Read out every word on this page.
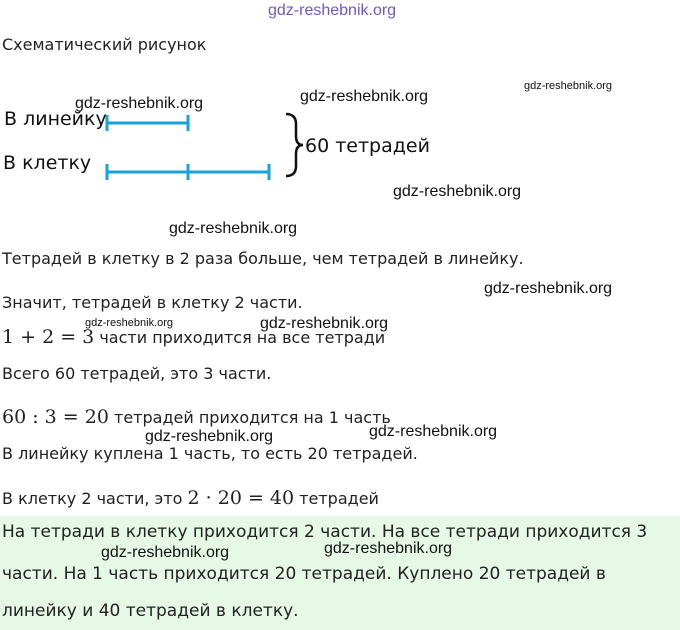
gdz-reshebnik.org
Схематический рисунок
В линейку
В клетку
60 тетрадей
Тетрадей в клетку в 2 раза больше, чем тетрадей в линейку.
Значит, тетрадей в клетку 2 части.
1 + 2 = 3 части приходится на все тетради
Всего 60 тетрадей, это 3 части.
60 : 3 = 20 тетрадей приходится на 1 часть
В линейку куплена 1 часть, то есть 20 тетрадей.
В клетку 2 части, это 2 · 20 = 40 тетрадей
На тетради в клетку приходится 2 части. На все тетради приходится 3
части. На 1 часть приходится 20 тетрадей. Куплено 20 тетрадей в
линейку и 40 тетрадей в клетку.
gdz-reshebnik.org	gdz-reshebnik.org
gdz-reshebnik.org
gdz-reshebnik.org
gdz-reshebnik.org
gdz-reshebnik.org
gdz-reshebnik.org	gdz-reshebnik.org
gdz-reshebnik.org	gdz-reshebnik.org
gdz-reshebnik.org	gdz-reshebnik.org
